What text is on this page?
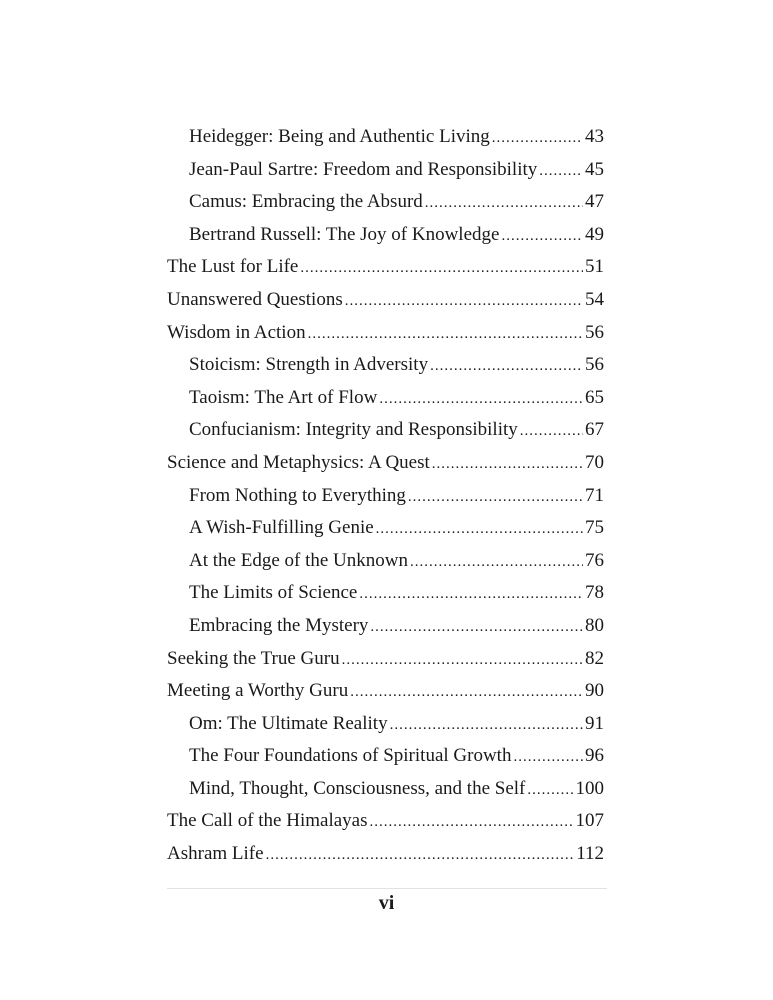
Heidegger: Being and Authentic Living .....	43
Jean-Paul Sartre: Freedom and Responsibility .....	45
Camus: Embracing the Absurd .....	47
Bertrand Russell: The Joy of Knowledge .....	49
The Lust for Life .....	51
Unanswered Questions .....	54
Wisdom in Action .....	56
Stoicism: Strength in Adversity .....	56
Taoism: The Art of Flow .....	65
Confucianism: Integrity and Responsibility .....	67
Science and Metaphysics: A Quest .....	70
From Nothing to Everything .....	71
A Wish-Fulfilling Genie .....	75
At the Edge of the Unknown .....	76
The Limits of Science .....	78
Embracing the Mystery .....	80
Seeking the True Guru .....	82
Meeting a Worthy Guru .....	90
Om: The Ultimate Reality .....	91
The Four Foundations of Spiritual Growth .....	96
Mind, Thought, Consciousness, and the Self .....	100
The Call of the Himalayas .....	107
Ashram Life .....	112
vi
